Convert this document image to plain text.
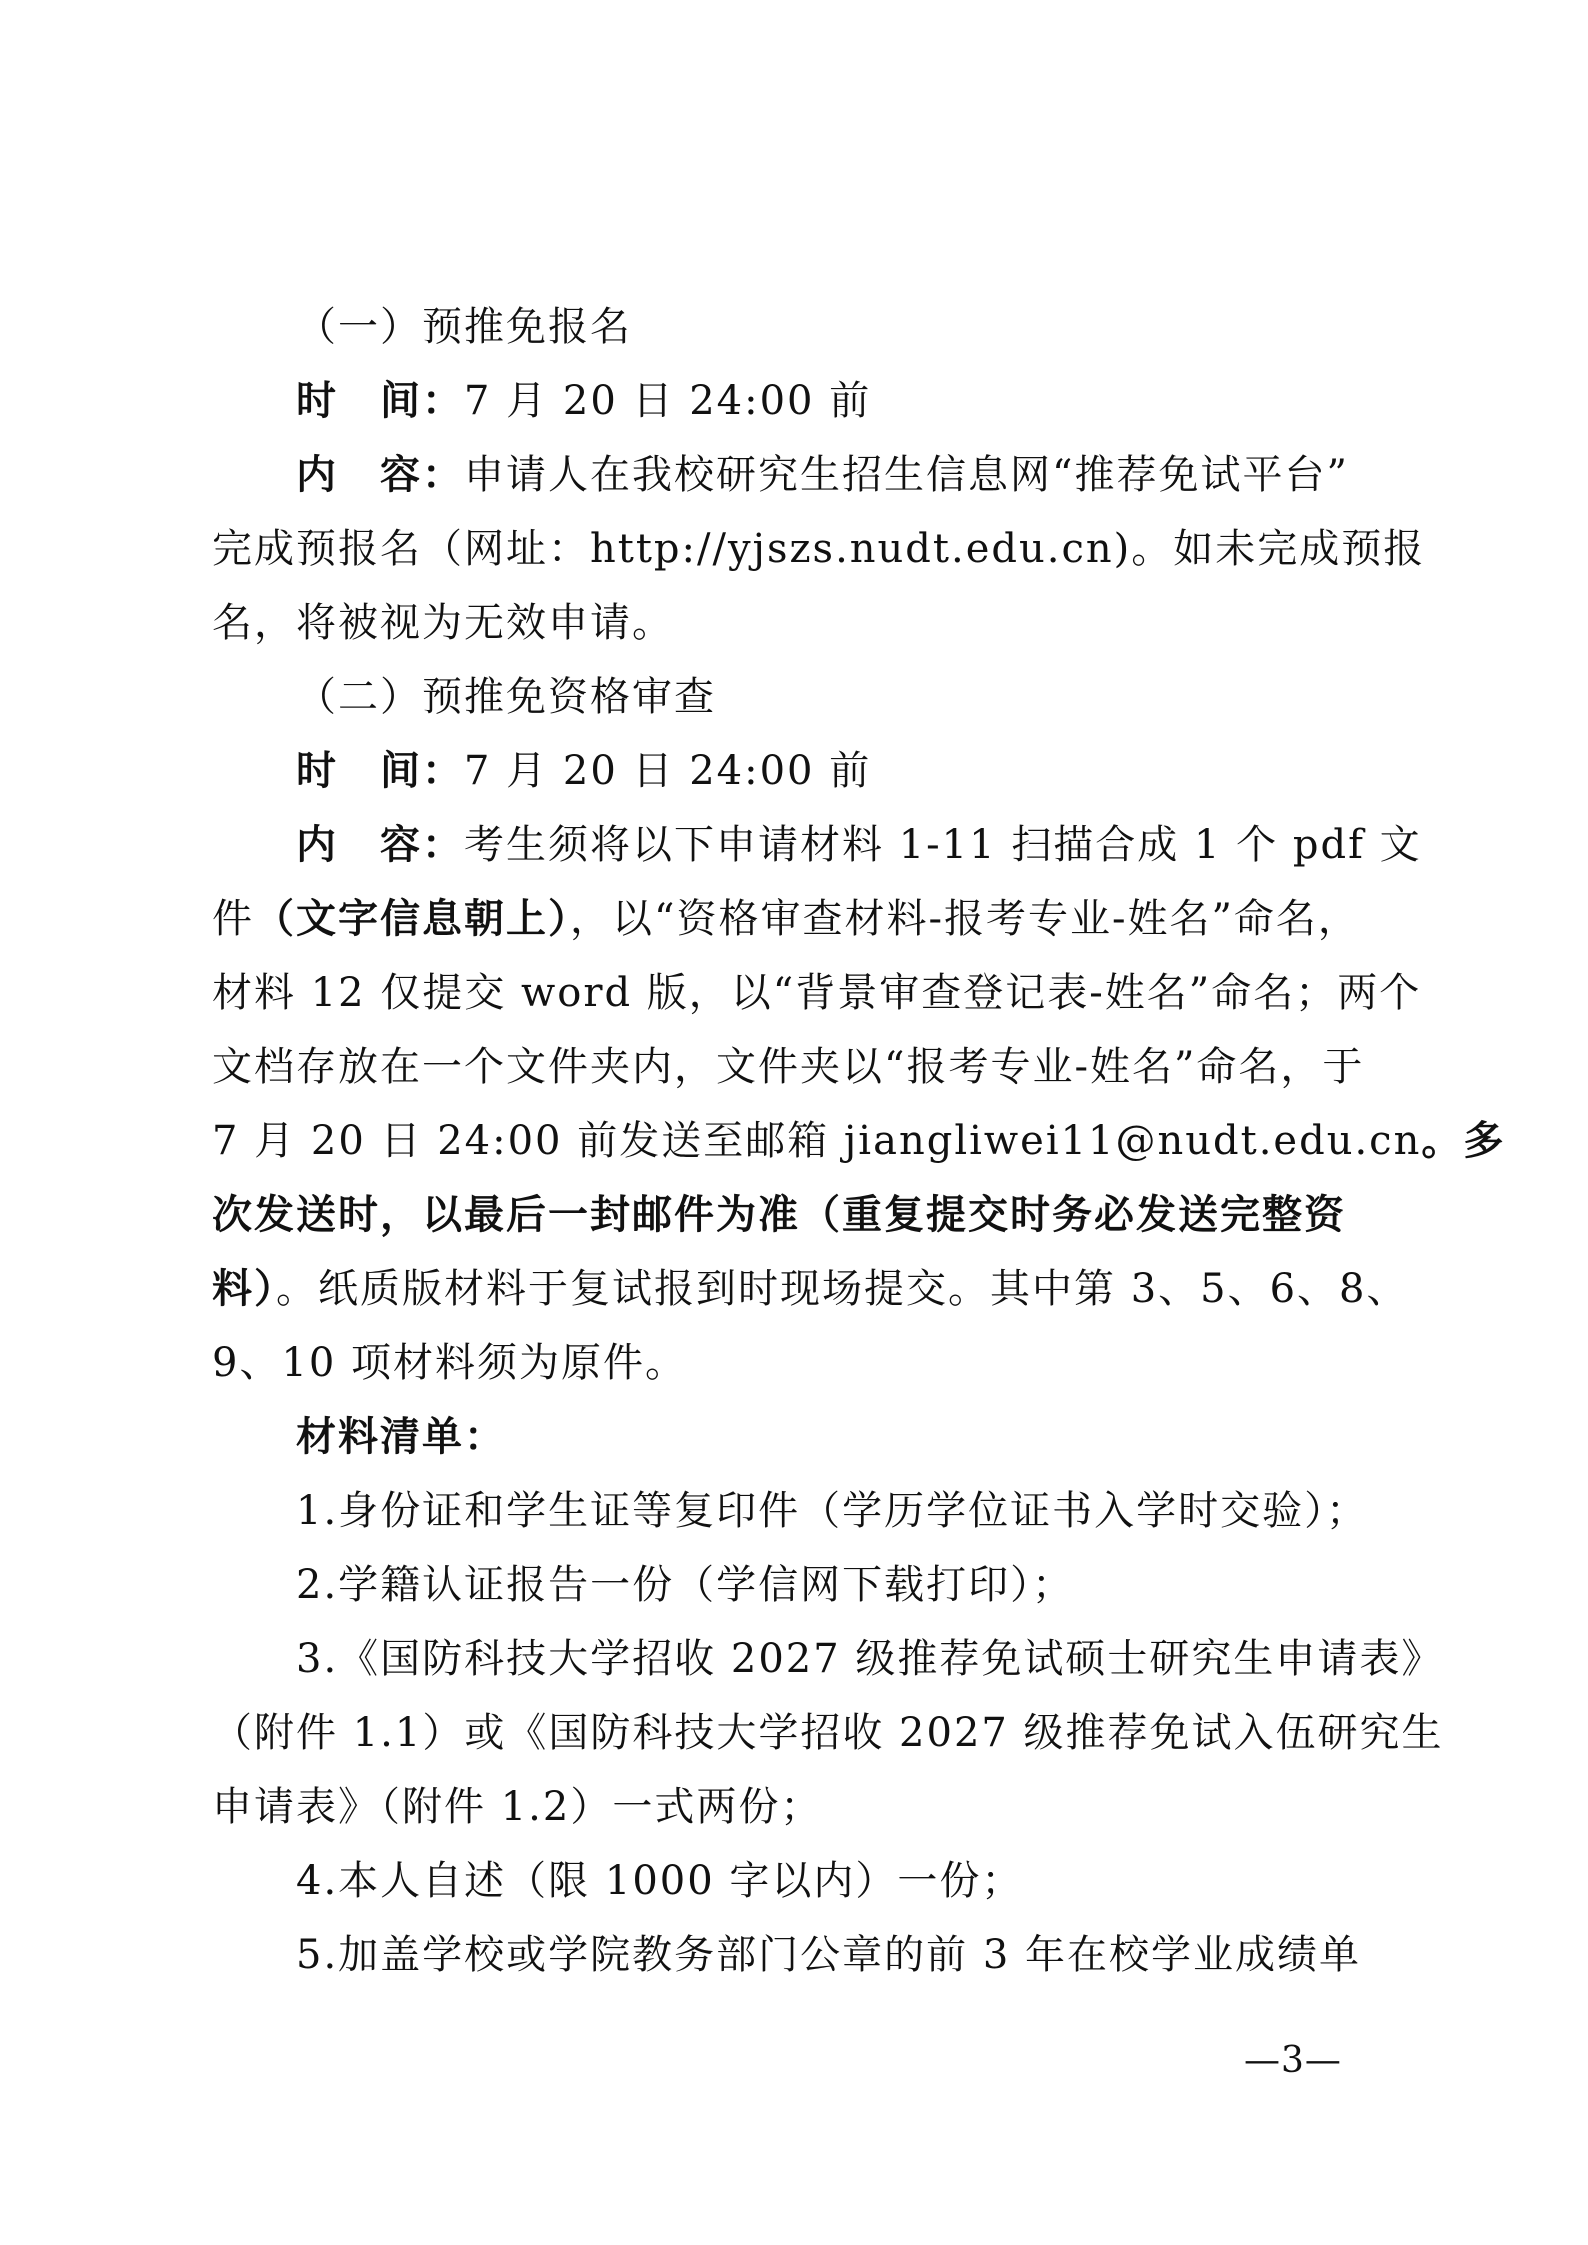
（一）预推免报名
时　间：7 月 20 日 24:00 前
内　容：申请人在我校研究生招生信息网“推荐免试平台”
完成预报名（网址：http://yjszs.nudt.edu.cn)。如未完成预报
名，将被视为无效申请。
（二）预推免资格审查
时　间：7 月 20 日 24:00 前
内　容：考生须将以下申请材料 1-11 扫描合成 1 个 pdf 文
件（文字信息朝上），以“资格审查材料-报考专业-姓名”命名，
材料 12 仅提交 word 版，以“背景审查登记表-姓名”命名；两个
文档存放在一个文件夹内，文件夹以“报考专业-姓名”命名，于
7 月 20 日 24:00 前发送至邮箱 jiangliwei11@nudt.edu.cn。多
次发送时，以最后一封邮件为准（重复提交时务必发送完整资
料）。纸质版材料于复试报到时现场提交。其中第 3、5、6、8、
9、10 项材料须为原件。
材料清单：
1.身份证和学生证等复印件（学历学位证书入学时交验）；
2.学籍认证报告一份（学信网下载打印）；
3.《国防科技大学招收 2027 级推荐免试硕士研究生申请表》
（附件 1.1）或《国防科技大学招收 2027 级推荐免试入伍研究生
申请表》（附件 1.2）一式两份；
4.本人自述（限 1000 字以内）一份；
5.加盖学校或学院教务部门公章的前 3 年在校学业成绩单
—3—
